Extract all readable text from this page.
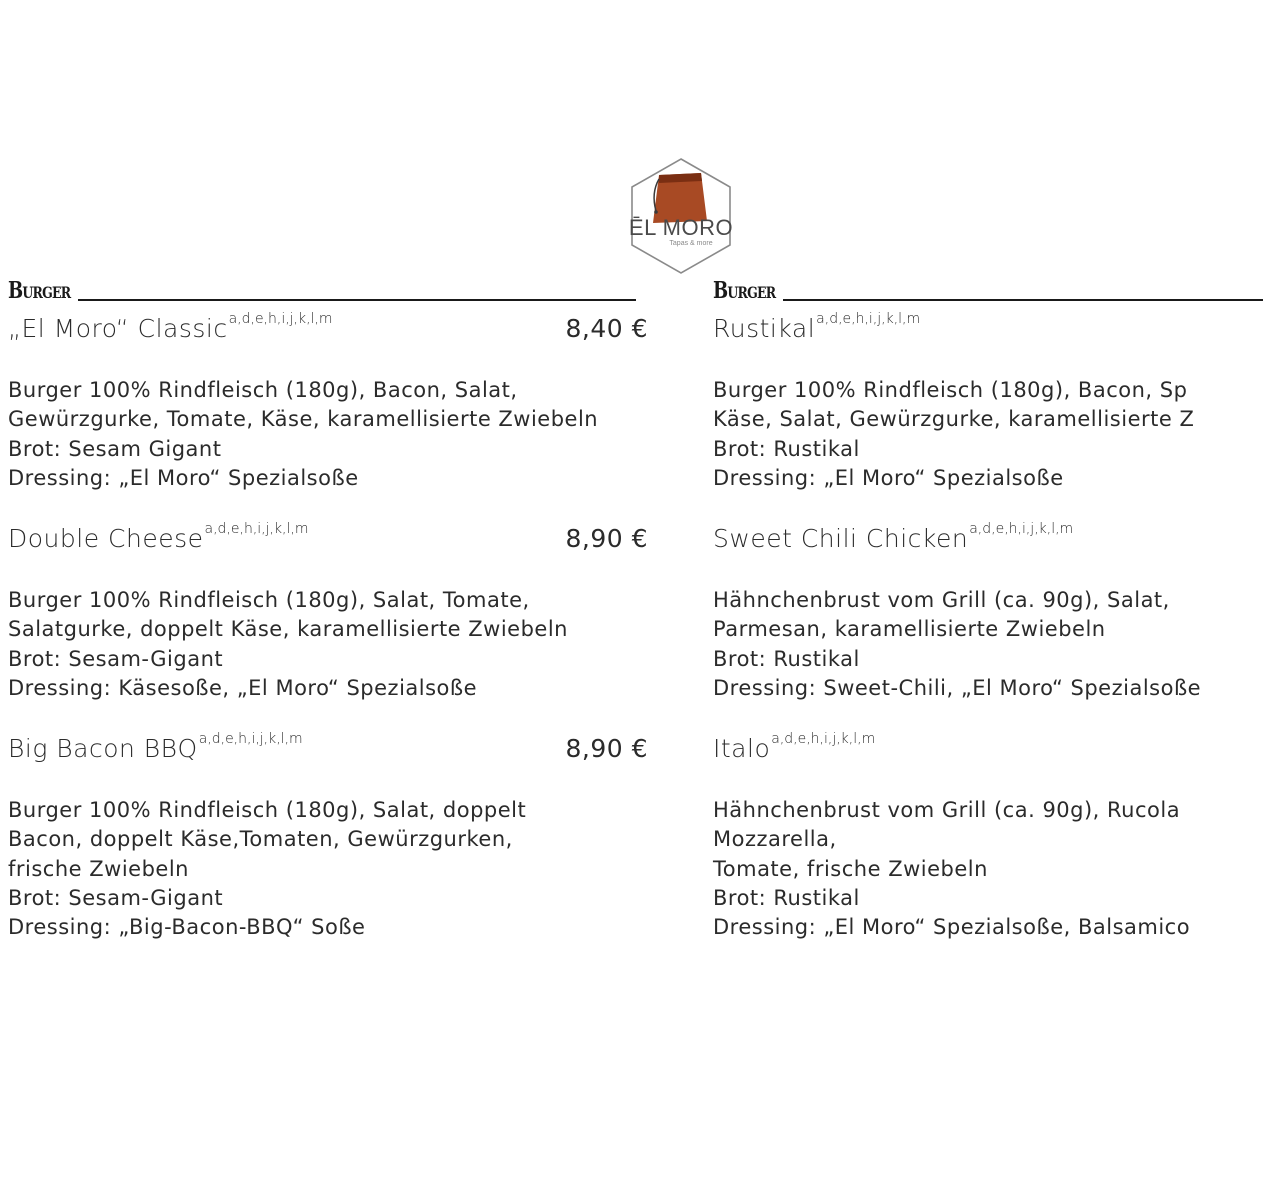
ĒL MORO
Tapas & more
Burger
„El Moro“ Classic$^{a,d,e,h,i,j,k,l,m}$	8,40 €
Burger 100% Rindfleisch (180g), Bacon, Salat,
Gewürzgurke, Tomate, Käse, karamellisierte Zwiebeln
Brot: Sesam Gigant
Dressing: „El Moro“ Spezialsoße
Double Cheese$^{a,d,e,h,i,j,k,l,m}$	8,90 €
Burger 100% Rindfleisch (180g), Salat, Tomate,
Salatgurke, doppelt Käse, karamellisierte Zwiebeln
Brot: Sesam-Gigant
Dressing: Käsesoße, „El Moro“ Spezialsoße
Big Bacon BBQ$^{a,d,e,h,i,j,k,l,m}$	8,90 €
Burger 100% Rindfleisch (180g), Salat, doppelt
Bacon, doppelt Käse,Tomaten, Gewürzgurken,
frische Zwiebeln
Brot: Sesam-Gigant
Dressing: „Big-Bacon-BBQ“ Soße
Burger
Rustikal$^{a,d,e,h,i,j,k,l,m}$
Burger 100% Rindfleisch (180g), Bacon, Sp
Käse, Salat, Gewürzgurke, karamellisierte Z
Brot: Rustikal
Dressing: „El Moro“ Spezialsoße
Sweet Chili Chicken$^{a,d,e,h,i,j,k,l,m}$
Hähnchenbrust vom Grill (ca. 90g), Salat,
Parmesan, karamellisierte Zwiebeln
Brot: Rustikal
Dressing: Sweet-Chili, „El Moro“ Spezialsoße
Italo$^{a,d,e,h,i,j,k,l,m}$
Hähnchenbrust vom Grill (ca. 90g), Rucola
Mozzarella,
Tomate, frische Zwiebeln
Brot: Rustikal
Dressing: „El Moro“ Spezialsoße, Balsamico
